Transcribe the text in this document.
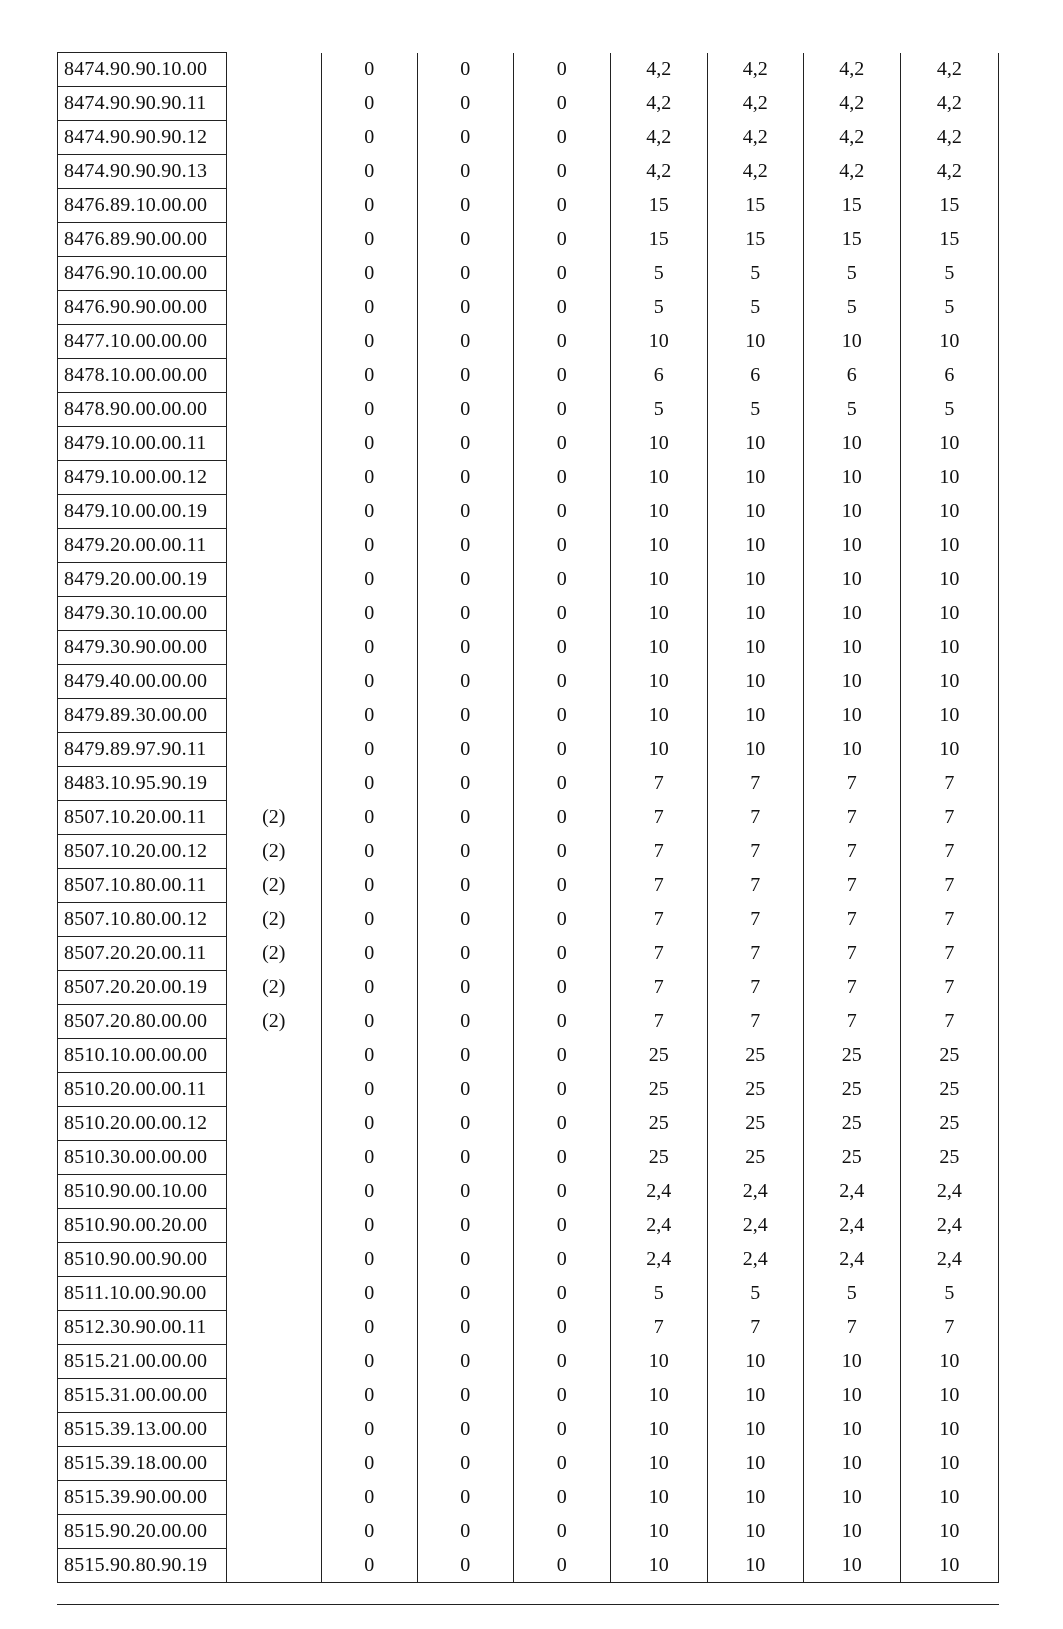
8474.90.90.10.00		0	0	0	4,2	4,2	4,2	4,2
8474.90.90.90.11		0	0	0	4,2	4,2	4,2	4,2
8474.90.90.90.12		0	0	0	4,2	4,2	4,2	4,2
8474.90.90.90.13		0	0	0	4,2	4,2	4,2	4,2
8476.89.10.00.00		0	0	0	15	15	15	15
8476.89.90.00.00		0	0	0	15	15	15	15
8476.90.10.00.00		0	0	0	5	5	5	5
8476.90.90.00.00		0	0	0	5	5	5	5
8477.10.00.00.00		0	0	0	10	10	10	10
8478.10.00.00.00		0	0	0	6	6	6	6
8478.90.00.00.00		0	0	0	5	5	5	5
8479.10.00.00.11		0	0	0	10	10	10	10
8479.10.00.00.12		0	0	0	10	10	10	10
8479.10.00.00.19		0	0	0	10	10	10	10
8479.20.00.00.11		0	0	0	10	10	10	10
8479.20.00.00.19		0	0	0	10	10	10	10
8479.30.10.00.00		0	0	0	10	10	10	10
8479.30.90.00.00		0	0	0	10	10	10	10
8479.40.00.00.00		0	0	0	10	10	10	10
8479.89.30.00.00		0	0	0	10	10	10	10
8479.89.97.90.11		0	0	0	10	10	10	10
8483.10.95.90.19		0	0	0	7	7	7	7
8507.10.20.00.11	(2)	0	0	0	7	7	7	7
8507.10.20.00.12	(2)	0	0	0	7	7	7	7
8507.10.80.00.11	(2)	0	0	0	7	7	7	7
8507.10.80.00.12	(2)	0	0	0	7	7	7	7
8507.20.20.00.11	(2)	0	0	0	7	7	7	7
8507.20.20.00.19	(2)	0	0	0	7	7	7	7
8507.20.80.00.00	(2)	0	0	0	7	7	7	7
8510.10.00.00.00		0	0	0	25	25	25	25
8510.20.00.00.11		0	0	0	25	25	25	25
8510.20.00.00.12		0	0	0	25	25	25	25
8510.30.00.00.00		0	0	0	25	25	25	25
8510.90.00.10.00		0	0	0	2,4	2,4	2,4	2,4
8510.90.00.20.00		0	0	0	2,4	2,4	2,4	2,4
8510.90.00.90.00		0	0	0	2,4	2,4	2,4	2,4
8511.10.00.90.00		0	0	0	5	5	5	5
8512.30.90.00.11		0	0	0	7	7	7	7
8515.21.00.00.00		0	0	0	10	10	10	10
8515.31.00.00.00		0	0	0	10	10	10	10
8515.39.13.00.00		0	0	0	10	10	10	10
8515.39.18.00.00		0	0	0	10	10	10	10
8515.39.90.00.00		0	0	0	10	10	10	10
8515.90.20.00.00		0	0	0	10	10	10	10
8515.90.80.90.19		0	0	0	10	10	10	10
